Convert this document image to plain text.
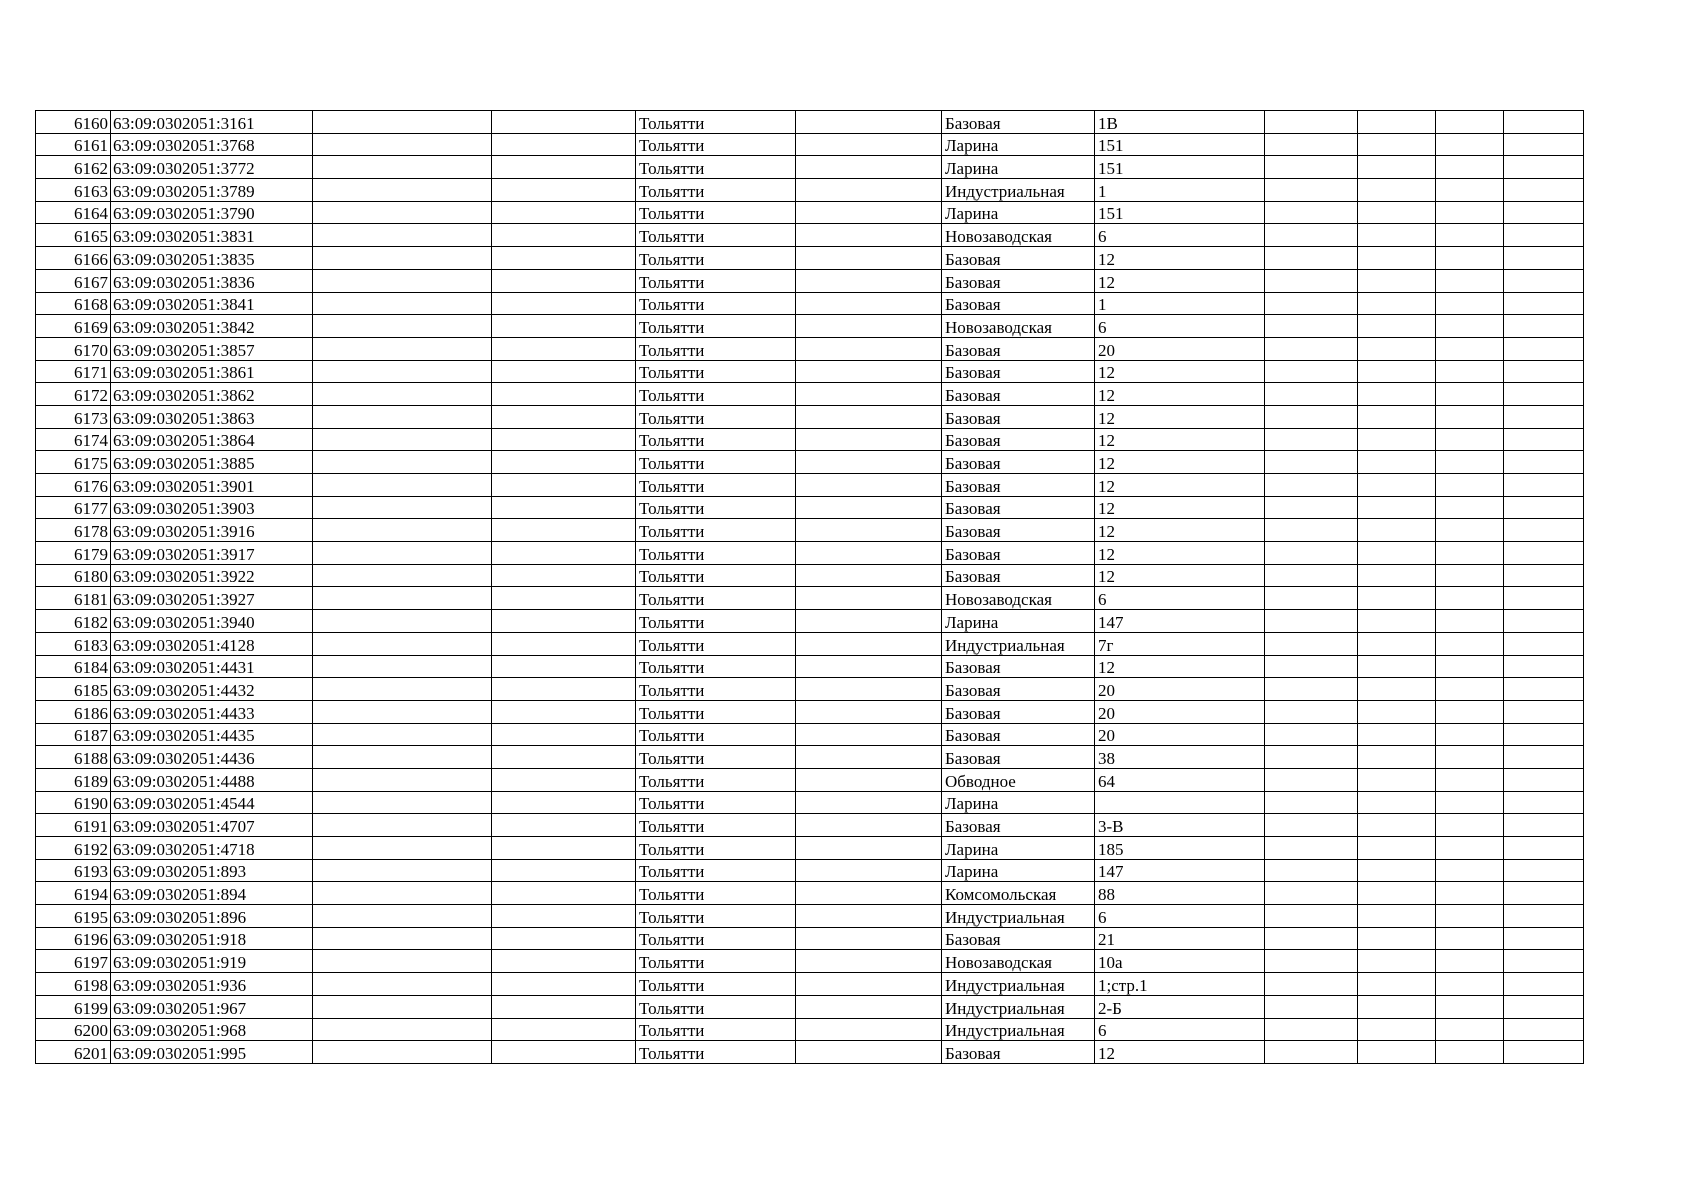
6160	63:09:0302051:3161			Тольятти		Базовая	1В				
6161	63:09:0302051:3768			Тольятти		Ларина	151				
6162	63:09:0302051:3772			Тольятти		Ларина	151				
6163	63:09:0302051:3789			Тольятти		Индустриальная	1				
6164	63:09:0302051:3790			Тольятти		Ларина	151				
6165	63:09:0302051:3831			Тольятти		Новозаводская	6				
6166	63:09:0302051:3835			Тольятти		Базовая	12				
6167	63:09:0302051:3836			Тольятти		Базовая	12				
6168	63:09:0302051:3841			Тольятти		Базовая	1				
6169	63:09:0302051:3842			Тольятти		Новозаводская	6				
6170	63:09:0302051:3857			Тольятти		Базовая	20				
6171	63:09:0302051:3861			Тольятти		Базовая	12				
6172	63:09:0302051:3862			Тольятти		Базовая	12				
6173	63:09:0302051:3863			Тольятти		Базовая	12				
6174	63:09:0302051:3864			Тольятти		Базовая	12				
6175	63:09:0302051:3885			Тольятти		Базовая	12				
6176	63:09:0302051:3901			Тольятти		Базовая	12				
6177	63:09:0302051:3903			Тольятти		Базовая	12				
6178	63:09:0302051:3916			Тольятти		Базовая	12				
6179	63:09:0302051:3917			Тольятти		Базовая	12				
6180	63:09:0302051:3922			Тольятти		Базовая	12				
6181	63:09:0302051:3927			Тольятти		Новозаводская	6				
6182	63:09:0302051:3940			Тольятти		Ларина	147				
6183	63:09:0302051:4128			Тольятти		Индустриальная	7г				
6184	63:09:0302051:4431			Тольятти		Базовая	12				
6185	63:09:0302051:4432			Тольятти		Базовая	20				
6186	63:09:0302051:4433			Тольятти		Базовая	20				
6187	63:09:0302051:4435			Тольятти		Базовая	20				
6188	63:09:0302051:4436			Тольятти		Базовая	38				
6189	63:09:0302051:4488			Тольятти		Обводное	64				
6190	63:09:0302051:4544			Тольятти		Ларина					
6191	63:09:0302051:4707			Тольятти		Базовая	3-В				
6192	63:09:0302051:4718			Тольятти		Ларина	185				
6193	63:09:0302051:893			Тольятти		Ларина	147				
6194	63:09:0302051:894			Тольятти		Комсомольская	88				
6195	63:09:0302051:896			Тольятти		Индустриальная	6				
6196	63:09:0302051:918			Тольятти		Базовая	21				
6197	63:09:0302051:919			Тольятти		Новозаводская	10а				
6198	63:09:0302051:936			Тольятти		Индустриальная	1;стр.1				
6199	63:09:0302051:967			Тольятти		Индустриальная	2-Б				
6200	63:09:0302051:968			Тольятти		Индустриальная	6				
6201	63:09:0302051:995			Тольятти		Базовая	12				
